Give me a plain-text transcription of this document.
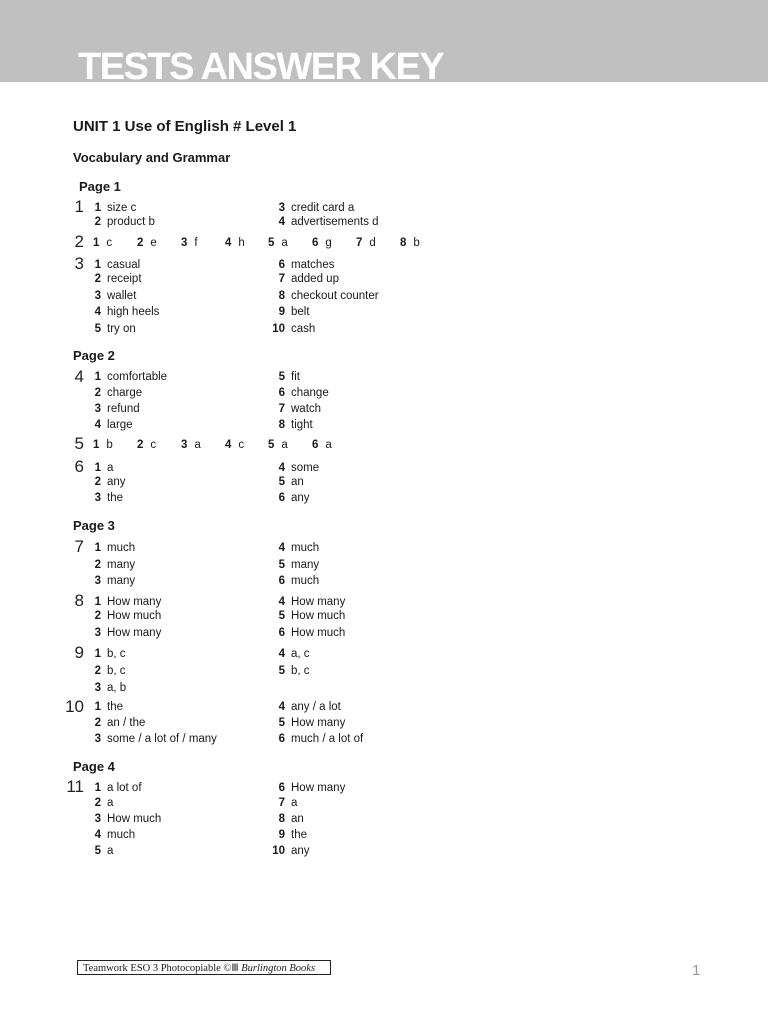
TESTS ANSWER KEY
UNIT 1 Use of English # Level 1
Vocabulary and Grammar
Page 1
1 1 size c
2 product b
3 credit card a
4 advertisements d
2 1 c 2 e 3 f 4 h 5 a 6 g 7 d 8 b
3 1 casual
2 receipt
3 wallet
4 high heels
5 try on
6 matches
7 added up
8 checkout counter
9 belt
10 cash
Page 2
4 1 comfortable
2 charge
3 refund
4 large
5 fit
6 change
7 watch
8 tight
5 1 b 2 c 3 a 4 c 5 a 6 a
6 1 a
2 any
3 the
4 some
5 an
6 any
Page 3
7 1 much
2 many
3 many
4 much
5 many
6 much
8 1 How many
2 How much
3 How many
4 How many
5 How much
6 How much
9 1 b, c
2 b, c
3 a, b
4 a, c
5 b, c
10 1 the
2 an / the
3 some / a lot of / many
4 any / a lot
5 How many
6 much / a lot of
Page 4
11 1 a lot of
2 a
3 How much
4 much
5 a
6 How many
7 a
8 an
9 the
10 any
Teamwork ESO 3 Photocopiable ©Ⅲ Burlington Books	1
